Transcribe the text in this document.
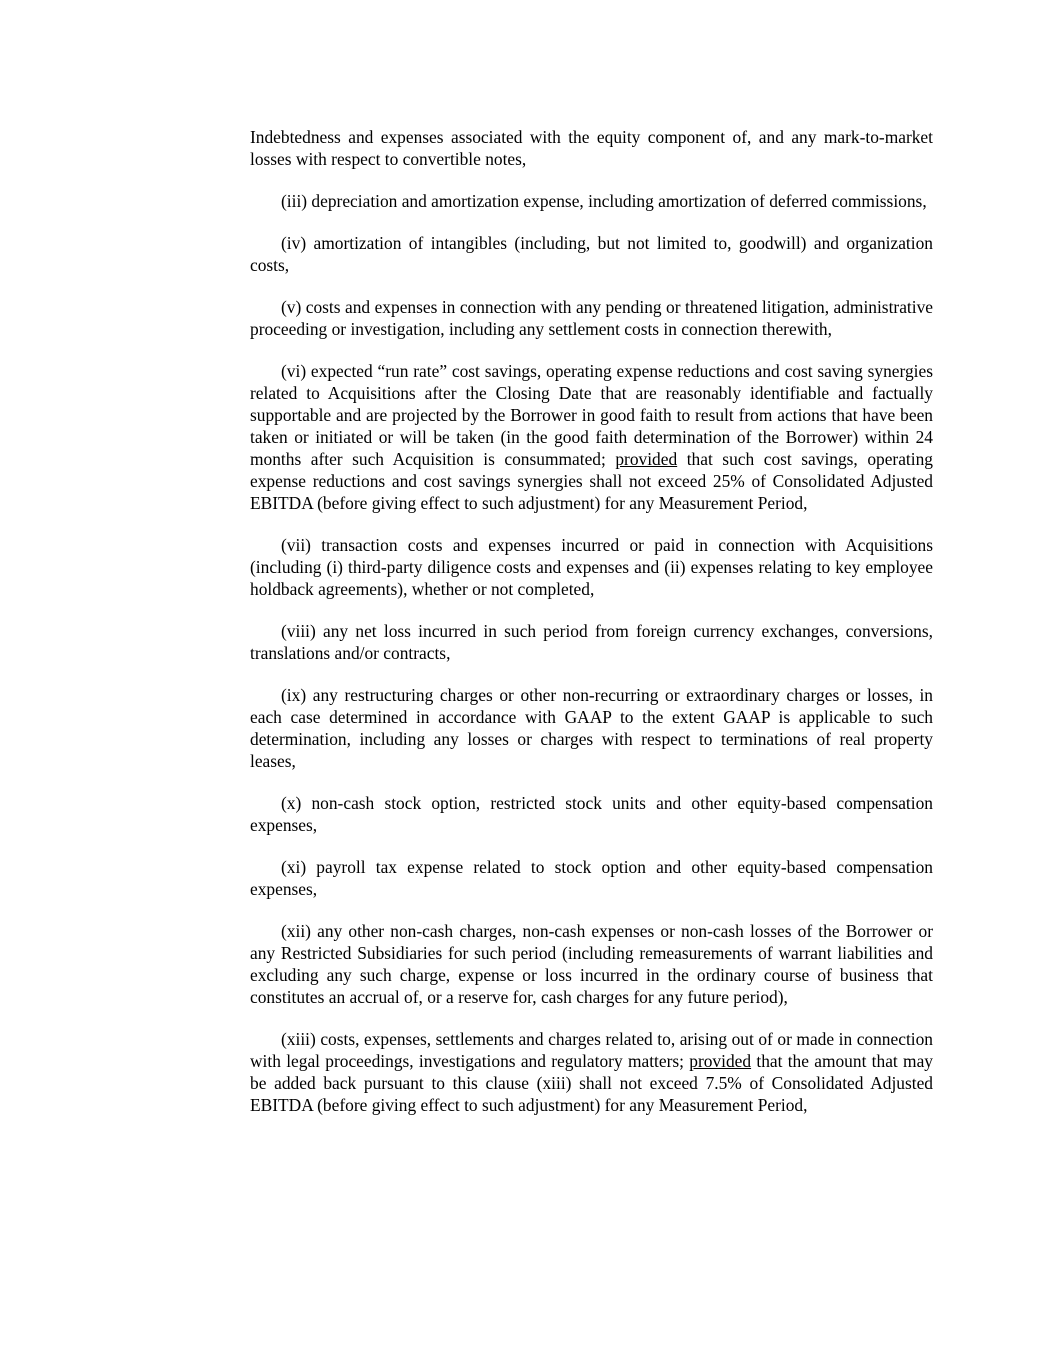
Indebtedness and expenses associated with the equity component of, and any mark-to-market losses with respect to convertible notes,

(iii) depreciation and amortization expense, including amortization of deferred commissions,

(iv) amortization of intangibles (including, but not limited to, goodwill) and organization costs,

(v) costs and expenses in connection with any pending or threatened litigation, administrative proceeding or investigation, including any settlement costs in connection therewith,

(vi) expected “run rate” cost savings, operating expense reductions and cost saving synergies related to Acquisitions after the Closing Date that are reasonably identifiable and factually supportable and are projected by the Borrower in good faith to result from actions that have been taken or initiated or will be taken (in the good faith determination of the Borrower) within 24 months after such Acquisition is consummated; provided that such cost savings, operating expense reductions and cost savings synergies shall not exceed 25% of Consolidated Adjusted EBITDA (before giving effect to such adjustment) for any Measurement Period,

(vii) transaction costs and expenses incurred or paid in connection with Acquisitions (including (i) third-party diligence costs and expenses and (ii) expenses relating to key employee holdback agreements), whether or not completed,

(viii) any net loss incurred in such period from foreign currency exchanges, conversions, translations and/or contracts,

(ix) any restructuring charges or other non-recurring or extraordinary charges or losses, in each case determined in accordance with GAAP to the extent GAAP is applicable to such determination, including any losses or charges with respect to terminations of real property leases,

(x) non-cash stock option, restricted stock units and other equity-based compensation expenses,

(xi) payroll tax expense related to stock option and other equity-based compensation expenses,

(xii) any other non-cash charges, non-cash expenses or non-cash losses of the Borrower or any Restricted Subsidiaries for such period (including remeasurements of warrant liabilities and excluding any such charge, expense or loss incurred in the ordinary course of business that constitutes an accrual of, or a reserve for, cash charges for any future period),

(xiii) costs, expenses, settlements and charges related to, arising out of or made in connection with legal proceedings, investigations and regulatory matters; provided that the amount that may be added back pursuant to this clause (xiii) shall not exceed 7.5% of Consolidated Adjusted EBITDA (before giving effect to such adjustment) for any Measurement Period,
